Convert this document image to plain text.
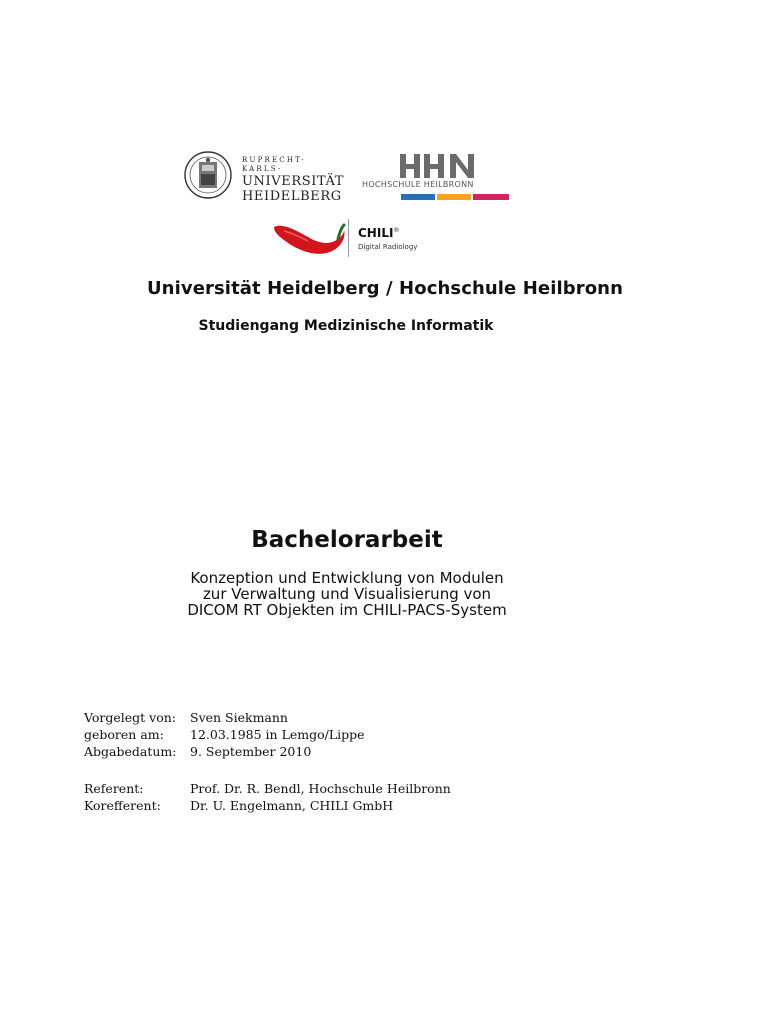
RUPRECHT-KARLS-
UNIVERSITÄT
HEIDELBERG
HOCHSCHULE HEILBRONN
CHILI®
Digital Radiology
Universität Heidelberg / Hochschule Heilbronn
Studiengang Medizinische Informatik
Bachelorarbeit
Konzeption und Entwicklung von Modulen
zur Verwaltung und Visualisierung von
DICOM RT Objekten im CHILI-PACS-System
Vorgelegt von:	Sven Siekmann
geboren am:	12.03.1985 in Lemgo/Lippe
Abgabedatum:	9. September 2010
Referent:	Prof. Dr. R. Bendl, Hochschule Heilbronn
Korefferent:	Dr. U. Engelmann, CHILI GmbH
